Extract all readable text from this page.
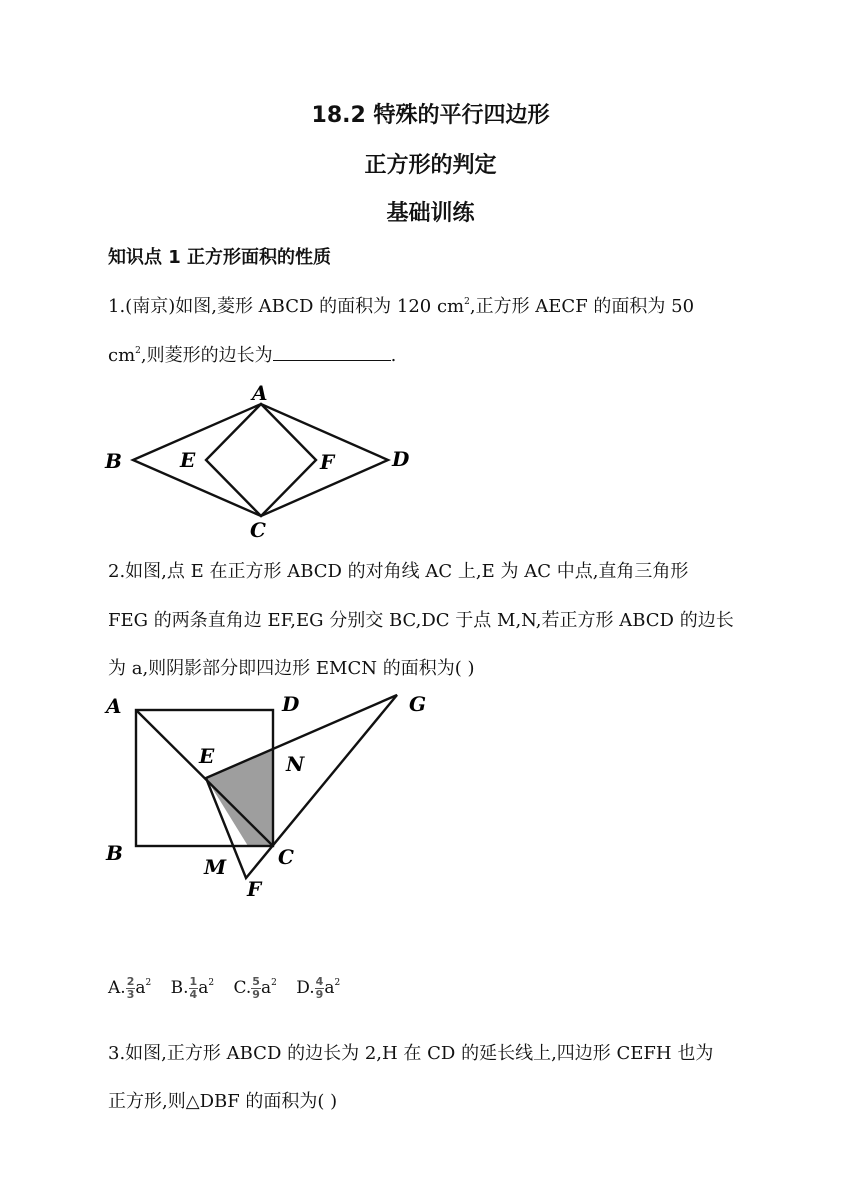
18.2 特殊的平行四边形
正方形的判定
基础训练
知识点 1 正方形面积的性质
1.(南京)如图,菱形 ABCD 的面积为 120 $cm^2$,正方形 AECF 的面积为 50
$cm^2$,则菱形的边长为	.
A
B
C
D
E	F
2.如图,点 E 在正方形 ABCD 的对角线 AC 上,E 为 AC 中点,直角三角形
FEG 的两条直角边 EF,EG 分别交 BC,DC 于点 M,N,若正方形 ABCD 的边长
为 a,则阴影部分即四边形 EMCN 的面积为( )
A	D	G
E	N
B	C
M
F
A. $\frac{2}{3} a^2$ B. $\frac{1}{4} a^2$ C. $\frac{5}{9} a^2$ D. $\frac{4}{9} a^2$
3.如图,正方形 ABCD 的边长为 2,H 在 CD 的延长线上,四边形 CEFH 也为
正方形,则△DBF 的面积为( )
